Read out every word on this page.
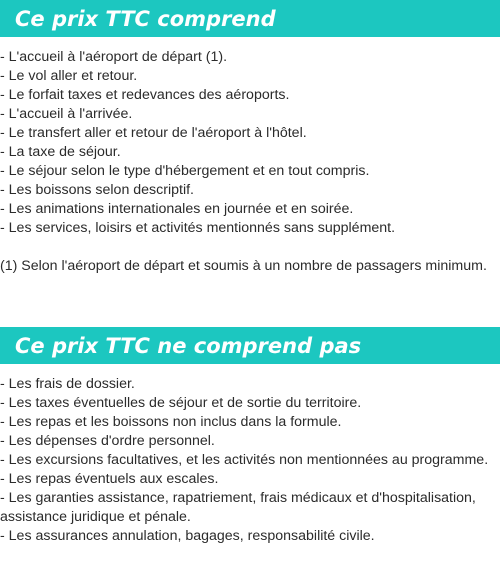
Ce prix TTC comprend
- L'accueil à l'aéroport de départ (1).
- Le vol aller et retour.
- Le forfait taxes et redevances des aéroports.
- L'accueil à l'arrivée.
- Le transfert aller et retour de l'aéroport à l'hôtel.
- La taxe de séjour.
- Le séjour selon le type d'hébergement et en tout compris.
- Les boissons selon descriptif.
- Les animations internationales en journée et en soirée.
- Les services, loisirs et activités mentionnés sans supplément.

(1) Selon l'aéroport de départ et soumis à un nombre de passagers minimum.

Ce prix TTC ne comprend pas
- Les frais de dossier.
- Les taxes éventuelles de séjour et de sortie du territoire.
- Les repas et les boissons non inclus dans la formule.
- Les dépenses d'ordre personnel.
- Les excursions facultatives, et les activités non mentionnées au programme.
- Les repas éventuels aux escales.
- Les garanties assistance, rapatriement, frais médicaux et d'hospitalisation, assistance juridique et pénale.
- Les assurances annulation, bagages, responsabilité civile.
